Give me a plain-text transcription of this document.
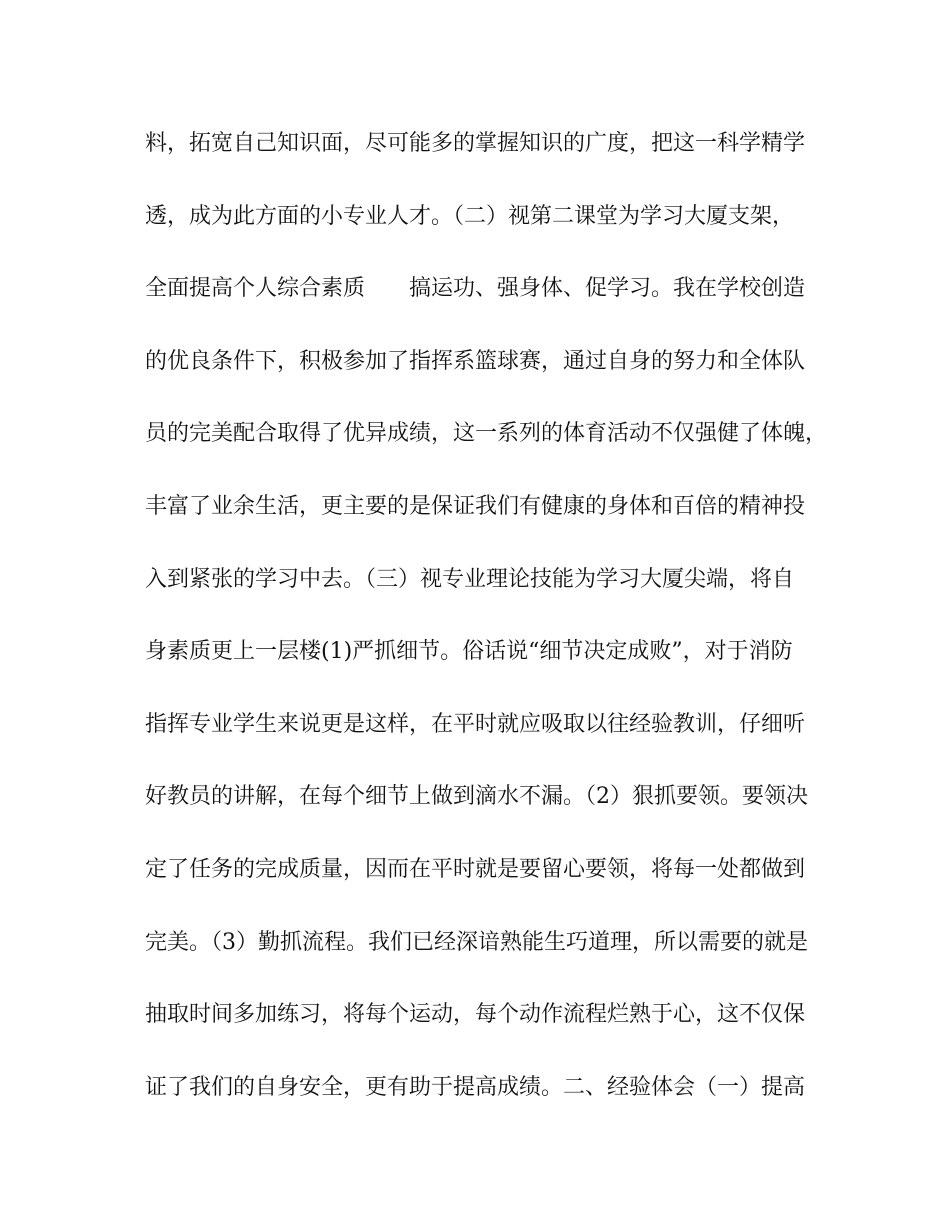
料，拓宽自己知识面，尽可能多的掌握知识的广度，把这一科学精学
透，成为此方面的小专业人才。（二）视第二课堂为学习大厦支架，
全面提高个人综合素质　　搞运功、强身体、促学习。我在学校创造
的优良条件下，积极参加了指挥系篮球赛，通过自身的努力和全体队
员的完美配合取得了优异成绩，这一系列的体育活动不仅强健了体魄，
丰富了业余生活，更主要的是保证我们有健康的身体和百倍的精神投
入到紧张的学习中去。（三）视专业理论技能为学习大厦尖端，将自
身素质更上一层楼(1)严抓细节。俗话说“细节决定成败”，对于消防
指挥专业学生来说更是这样，在平时就应吸取以往经验教训，仔细听
好教员的讲解，在每个细节上做到滴水不漏。（2）狠抓要领。要领决
定了任务的完成质量，因而在平时就是要留心要领，将每一处都做到
完美。（3）勤抓流程。我们已经深谙熟能生巧道理，所以需要的就是
抽取时间多加练习，将每个运动，每个动作流程烂熟于心，这不仅保
证了我们的自身安全，更有助于提高成绩。二、经验体会（一）提高
